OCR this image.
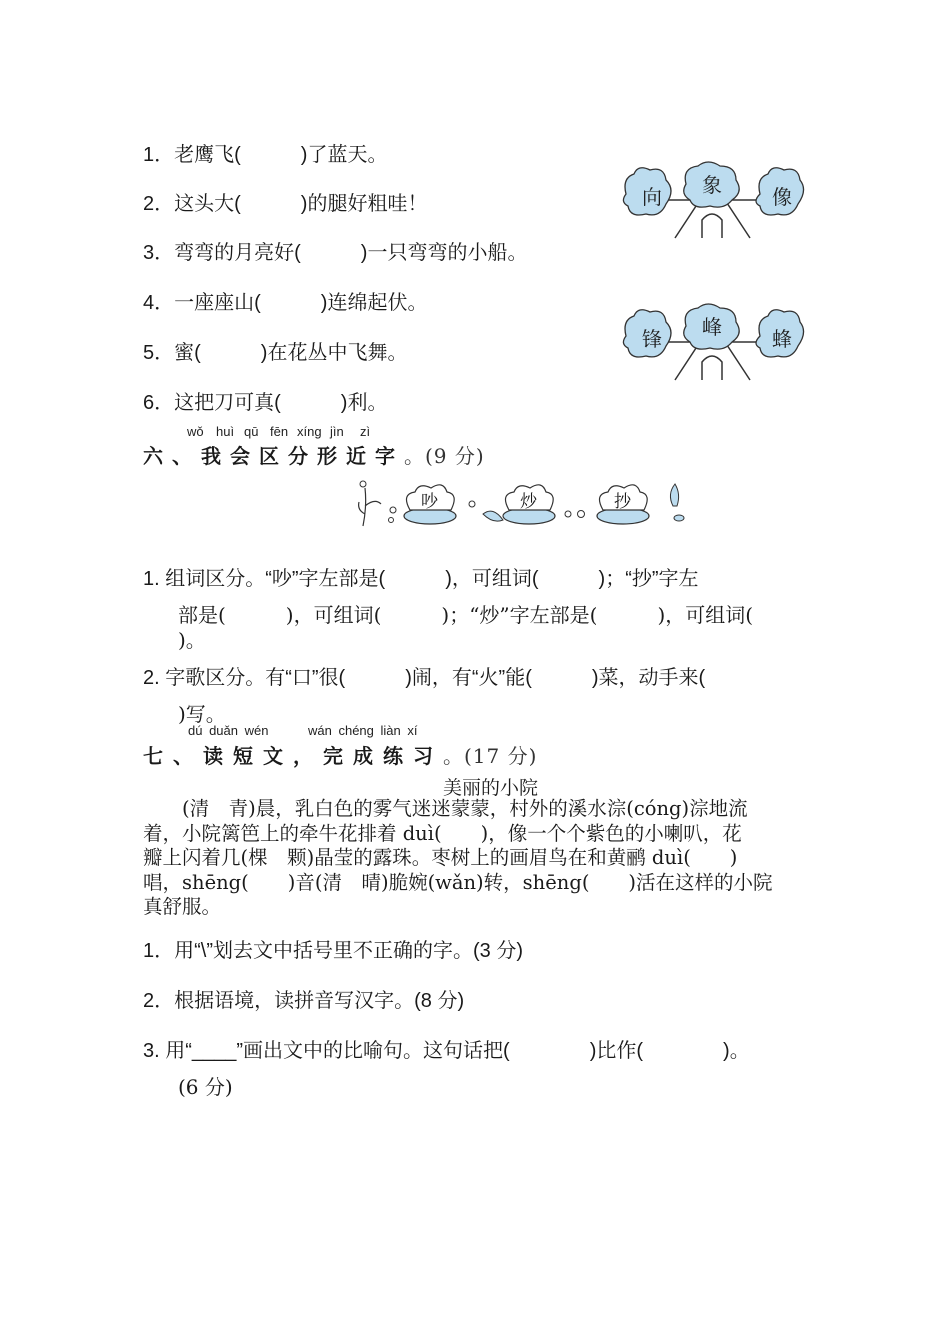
1．老鹰飞(　　　)了蓝天。
2．这头大(　　　)的腿好粗哇！
3．弯弯的月亮好(　　　)一只弯弯的小船。
4．一座座山(　　　)连绵起伏。
5．蜜(　　　)在花丛中飞舞。
6．这把刀可真(　　　)利。
向 象	像
锋 峰	蜂
wǒ huì qū fēn xíng jìn zì
六、我会区分形近字。(9 分)
吵	炒	抄
1. 组词区分。“吵”字左部是(　　　)，可组词(　　　)；“抄”字左
部是(　　　)，可组词(　　　)；“炒”字左部是(　　　)，可组词(
)。
2. 字歌区分。有“口”很(　　　)闹，有“火”能(　　　)菜，动手来(
)写。
dú duǎn wén	wán chéng liàn xí
七、读短文，完成练习。(17 分)
美丽的小院
　　(清　青)晨，乳白色的雾气迷迷蒙蒙，村外的溪水淙(cóng)淙地流
着，小院篱笆上的牵牛花排着 duì(　　)，像一个个紫色的小喇叭，花
瓣上闪着几(棵　颗)晶莹的露珠。枣树上的画眉鸟在和黄鹂 duì(　　)
唱，shēng(　　)音(清　晴)脆婉(wǎn)转，shēng(　　)活在这样的小院
真舒服。
1．用“\”划去文中括号里不正确的字。(3 分)
2．根据语境，读拼音写汉字。(8 分)
3. 用“____”画出文中的比喻句。这句话把(　　　　)比作(　　　　)。
(6 分)
